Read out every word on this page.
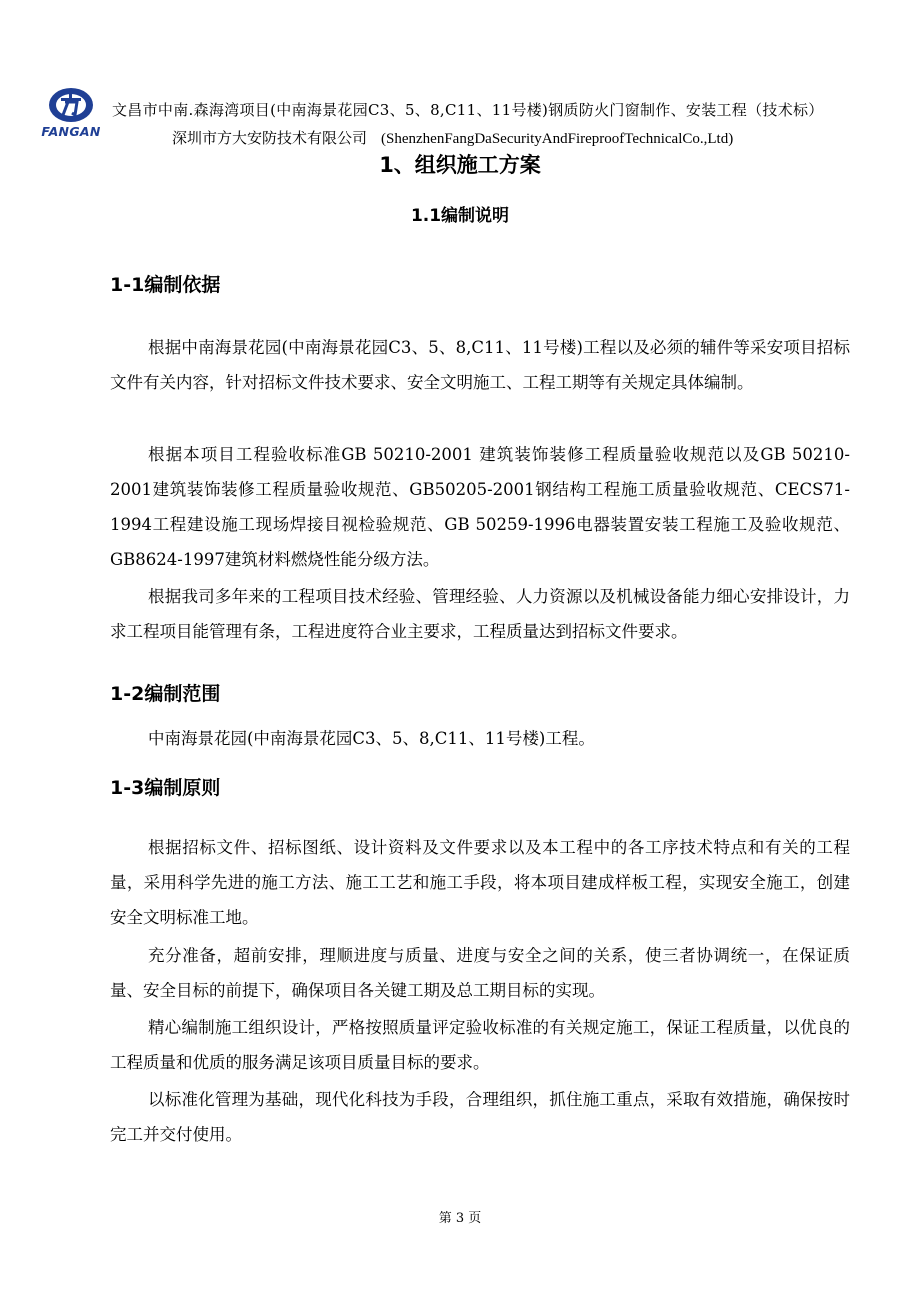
FANGAN
文昌市中南.森海湾项目(中南海景花园C3、5、8,C11、11号楼)钢质防火门窗制作、安装工程（技术标）
深圳市方大安防技术有限公司 (ShenzhenFangDaSecurityAndFireproofTechnicalCo.,Ltd)
1、组织施工方案
1.1编制说明
1-1编制依据

根据中南海景花园(中南海景花园C3、5、8,C11、11号楼)工程以及必须的辅件等采安项目招标文件有关内容，针对招标文件技术要求、安全文明施工、工程工期等有关规定具体编制。

根据本项目工程验收标准GB 50210-2001 建筑装饰装修工程质量验收规范以及GB 50210-2001建筑装饰装修工程质量验收规范、GB50205-2001钢结构工程施工质量验收规范、CECS71-1994工程建设施工现场焊接目视检验规范、GB 50259-1996电器装置安装工程施工及验收规范、GB8624-1997建筑材料燃烧性能分级方法。

根据我司多年来的工程项目技术经验、管理经验、人力资源以及机械设备能力细心安排设计，力求工程项目能管理有条，工程进度符合业主要求，工程质量达到招标文件要求。

1-2编制范围

中南海景花园(中南海景花园C3、5、8,C11、11号楼)工程。

1-3编制原则

根据招标文件、招标图纸、设计资料及文件要求以及本工程中的各工序技术特点和有关的工程量，采用科学先进的施工方法、施工工艺和施工手段，将本项目建成样板工程，实现安全施工，创建安全文明标准工地。

充分准备，超前安排，理顺进度与质量、进度与安全之间的关系，使三者协调统一，在保证质量、安全目标的前提下，确保项目各关键工期及总工期目标的实现。

精心编制施工组织设计，严格按照质量评定验收标准的有关规定施工，保证工程质量，以优良的工程质量和优质的服务满足该项目质量目标的要求。

以标准化管理为基础，现代化科技为手段，合理组织，抓住施工重点，采取有效措施，确保按时完工并交付使用。

第 3 页
